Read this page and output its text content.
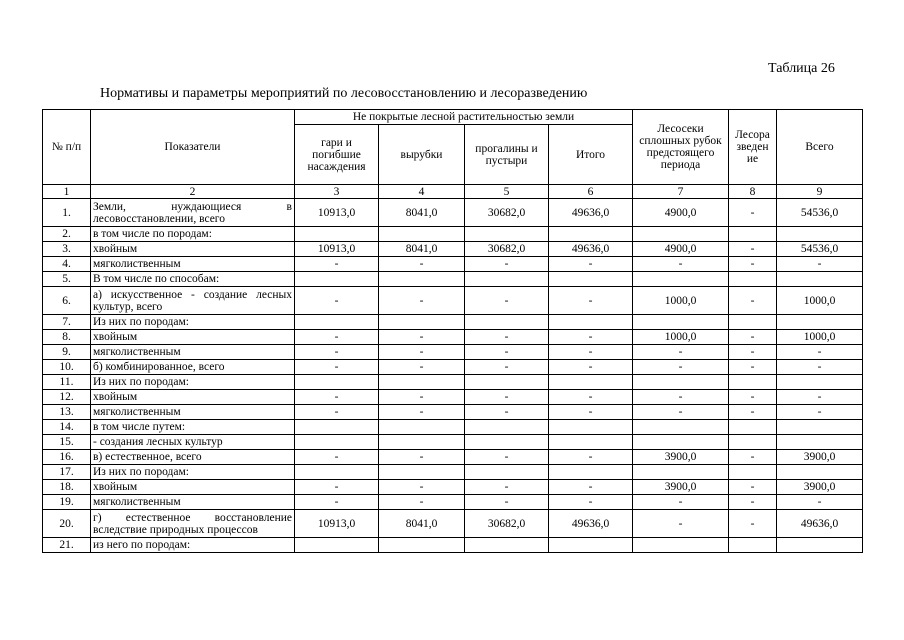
Таблица 26
Нормативы и параметры мероприятий по лесовосстановлению и лесоразведению
№ п/п	Показатели	Не покрытые лесной растительностью земли				Лесосеки сплошных рубок предстоящего периода	Лесора зведен ие	Всего
		гари и погибшие насаждения	вырубки	прогалины и пустыри	Итого			
1	2	3	4	5	6	7	8	9
1.	Земли, нуждающиеся в лесовосстановлении, всего	10913,0	8041,0	30682,0	49636,0	4900,0	-	54536,0
2.	в том числе по породам:							
3.	хвойным	10913,0	8041,0	30682,0	49636,0	4900,0	-	54536,0
4.	мягколиственным	-	-	-	-	-	-	-
5.	В том числе по способам:							
6.	а) искусственное - создание лесных культур, всего	-	-	-	-	1000,0	-	1000,0
7.	Из них по породам:							
8.	хвойным	-	-	-	-	1000,0	-	1000,0
9.	мягколиственным	-	-	-	-	-	-	-
10.	б) комбинированное, всего	-	-	-	-	-	-	-
11.	Из них по породам:							
12.	хвойным	-	-	-	-	-	-	-
13.	мягколиственным	-	-	-	-	-	-	-
14.	в том числе путем:							
15.	- создания лесных культур							
16.	в) естественное, всего	-	-	-	-	3900,0	-	3900,0
17.	Из них по породам:							
18.	хвойным	-	-	-	-	3900,0	-	3900,0
19.	мягколиственным	-	-	-	-	-	-	-
20.	г) естественное восстановление вследствие природных процессов	10913,0	8041,0	30682,0	49636,0	-	-	49636,0
21.	из него по породам:							
